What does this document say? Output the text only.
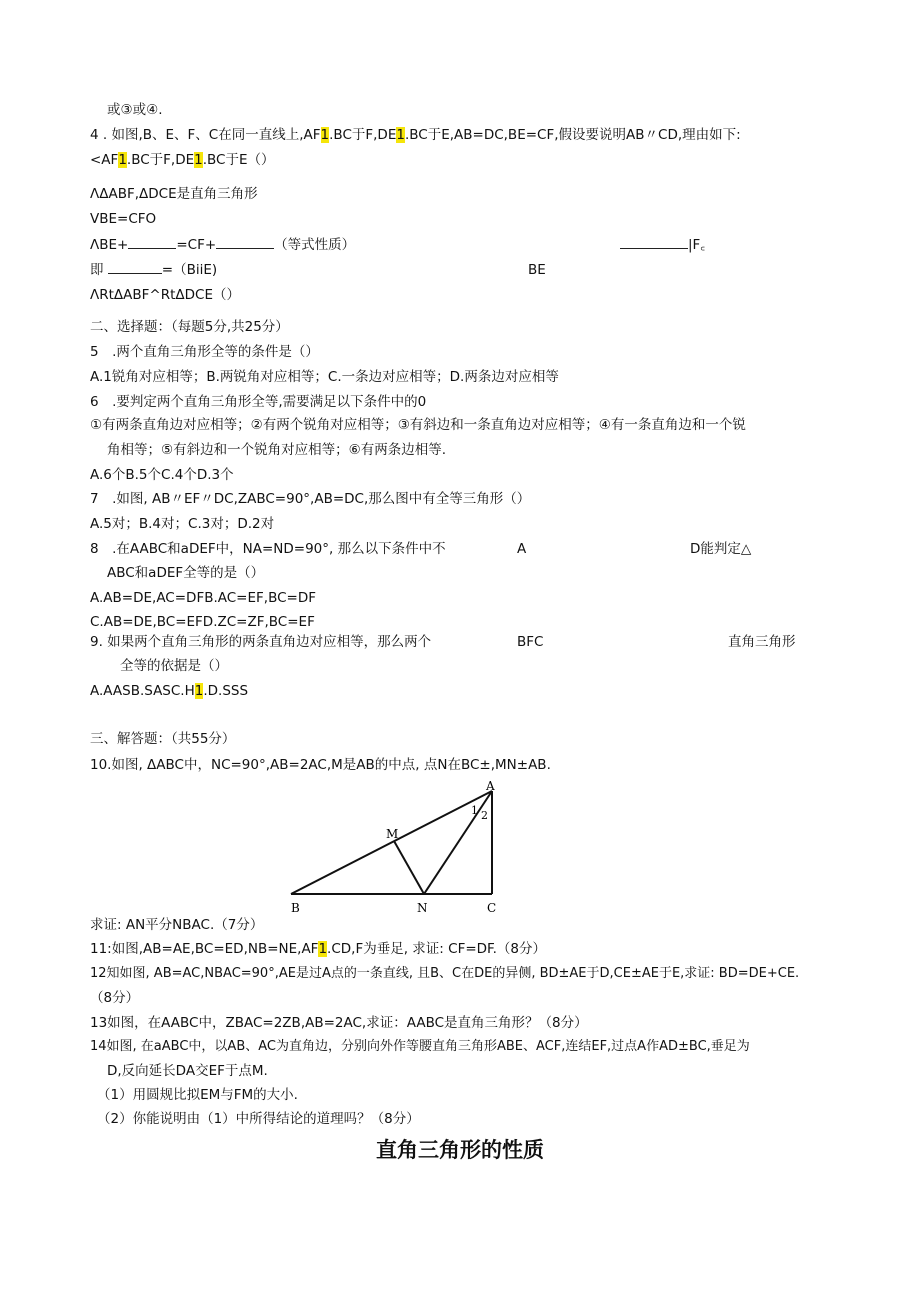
或③或④.
4 . 如图,B、E、F、C在同一直线上,AF1.BC于F,DE1.BC于E,AB=DC,BE=CF,假设要说明AB〃CD,理由如下:
<AF1.BC于F,DE1.BC于E（）
ΛΔABF,ΔDCE是直角三角形
VBE=CFO
ΛBE+	=CF+	（等式性质）	|F꜀
即	=（BiiE)	BE
ΛRtΔABF^RtΔDCE（）
二、选择题：（每题5分,共25分）
5　.两个直角三角形全等的条件是（）
A.1锐角对应相等；B.两锐角对应相等；C.一条边对应相等；D.两条边对应相等
6　.要判定两个直角三角形全等,需要满足以下条件中的0
①有两条直角边对应相等；②有两个锐角对应相等；③有斜边和一条直角边对应相等；④有一条直角边和一个锐
角相等；⑤有斜边和一个锐角对应相等；⑥有两条边相等.
A.6个B.5个C.4个D.3个
7　.如图, AB〃EF〃DC,ZABC=90°,AB=DC,那么图中有全等三角形（）
A.5对；B.4对；C.3对；D.2对
8　.在AABC和aDEF中，NA=ND=90°, 那么以下条件中不	A	D能判定△
ABC和aDEF全等的是（）
A.AB=DE,AC=DFB.AC=EF,BC=DF
C.AB=DE,BC=EFD.ZC=ZF,BC=EF
9. 如果两个直角三角形的两条直角边对应相等，那么两个	BFC	直角三角形
全等的依据是（）
A.AASB.SASC.H1.D.SSS
三、解答题：（共55分）
10.如图, ΔABC中，NC=90°,AB=2AC,M是AB的中点, 点N在BC±,MN±AB.
A
M
1 2
B	N	C
求证: AN平分NBAC.（7分）
11:如图,AB=AE,BC=ED,NB=NE,AF1.CD,F为垂足, 求证: CF=DF.（8分）
12知如图, AB=AC,NBAC=90°,AE是过A点的一条直线, 且B、C在DE的异侧, BD±AE于D,CE±AE于E,求证: BD=DE+CE.
（8分）
13如图，在AABC中，ZBAC=2ZB,AB=2AC,求证：AABC是直角三角形？（8分）
14如图, 在aABC中，以AB、AC为直角边，分别向外作等腰直角三角形ABE、ACF,连结EF,过点A作AD±BC,垂足为
D,反向延长DA交EF于点M.
（1）用圆规比拟EM与FM的大小.
（2）你能说明由（1）中所得结论的道理吗？（8分）
直角三角形的性质
